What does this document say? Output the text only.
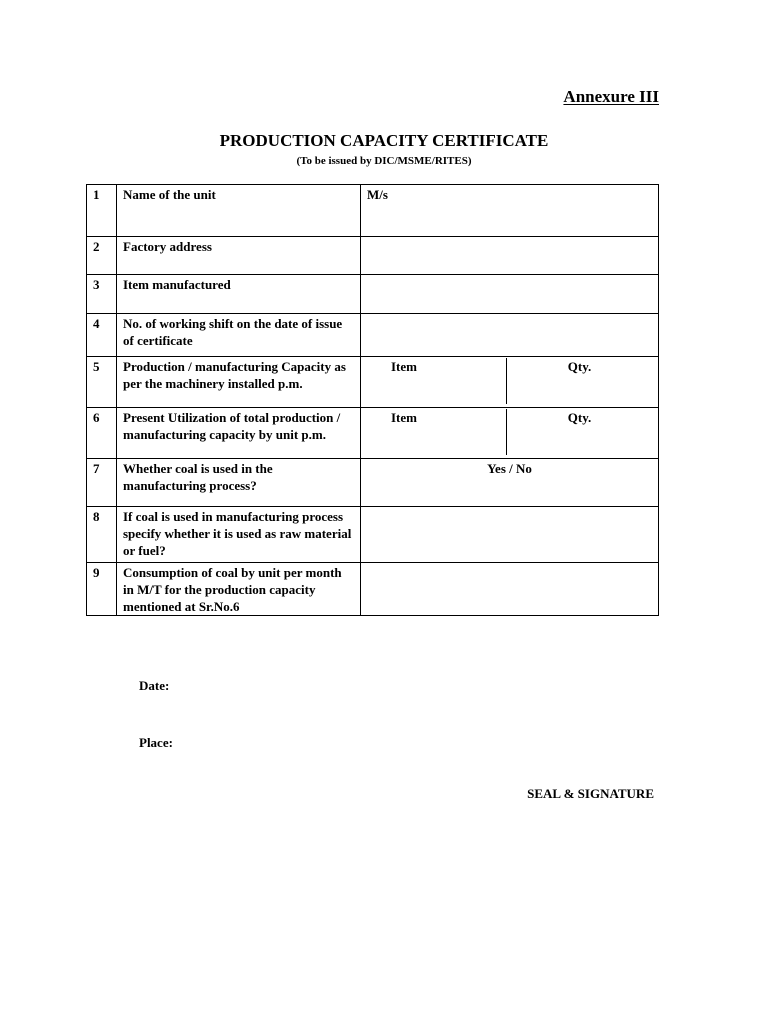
Annexure III
PRODUCTION CAPACITY CERTIFICATE
(To be issued by DIC/MSME/RITES)
1	Name of the unit	M/s
2	Factory address	
3	Item manufactured	
4	No. of working shift on the date of issue of certificate	
5	Production / manufacturing Capacity as per the machinery installed p.m.	Item Qty.

6	Present Utilization of total production / manufacturing capacity by unit p.m.	Item Qty.

7	Whether coal is used in the manufacturing process?	Yes / No
8	If coal is used in manufacturing process specify whether it is used as raw material or fuel?	
9	Consumption of coal by unit per month in M/T for the production capacity mentioned at Sr.No.6	
Date:
Place:
SEAL & SIGNATURE
